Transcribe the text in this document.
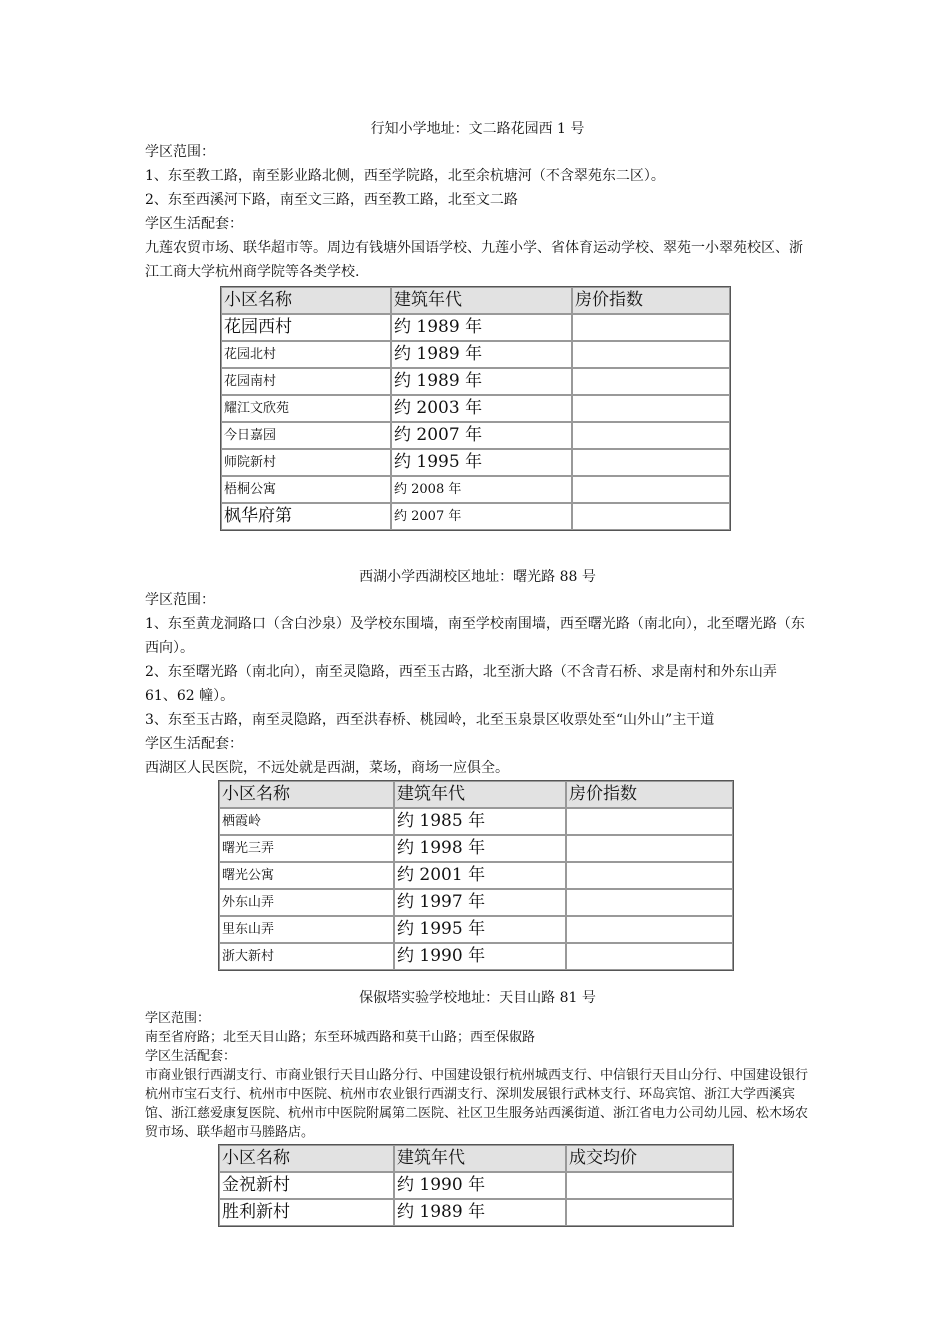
行知小学地址：文二路花园西 1 号
学区范围：
1、东至教工路，南至影业路北侧，西至学院路，北至余杭塘河（不含翠苑东二区）。
2、东至西溪河下路，南至文三路，西至教工路，北至文二路
学区生活配套：
九莲农贸市场、联华超市等。周边有钱塘外国语学校、九莲小学、省体育运动学校、翠苑一小翠苑校区、浙江工商大学杭州商学院等各类学校.
小区名称	建筑年代	房价指数
花园西村	约 1989 年	
花园北村	约 1989 年	
花园南村	约 1989 年	
耀江文欣苑	约 2003 年	
今日嘉园	约 2007 年	
师院新村	约 1995 年	
梧桐公寓	约 2008 年	
枫华府第	约 2007 年	
西湖小学西湖校区地址：曙光路 88 号
学区范围：
1、东至黄龙洞路口（含白沙泉）及学校东围墙，南至学校南围墙，西至曙光路（南北向），北至曙光路（东西向）。
2、东至曙光路（南北向），南至灵隐路，西至玉古路，北至浙大路（不含青石桥、求是南村和外东山弄 61、62 幢）。
3、东至玉古路，南至灵隐路，西至洪春桥、桃园岭，北至玉泉景区收票处至“山外山”主干道
学区生活配套：
西湖区人民医院，不远处就是西湖，菜场，商场一应俱全。
小区名称	建筑年代	房价指数
栖霞岭	约 1985 年	
曙光三弄	约 1998 年	
曙光公寓	约 2001 年	
外东山弄	约 1997 年	
里东山弄	约 1995 年	
浙大新村	约 1990 年	
保俶塔实验学校地址：天目山路 81 号
学区范围：
南至省府路；北至天目山路；东至环城西路和莫干山路；西至保俶路
学区生活配套：
市商业银行西湖支行、市商业银行天目山路分行、中国建设银行杭州城西支行、中信银行天目山分行、中国建设银行杭州市宝石支行、杭州市中医院、杭州市农业银行西湖支行、深圳发展银行武林支行、环岛宾馆、浙江大学西溪宾馆、浙江慈爱康复医院、杭州市中医院附属第二医院、社区卫生服务站西溪街道、浙江省电力公司幼儿园、松木场农贸市场、联华超市马塍路店。
小区名称	建筑年代	成交均价
金祝新村	约 1990 年	
胜利新村	约 1989 年	
